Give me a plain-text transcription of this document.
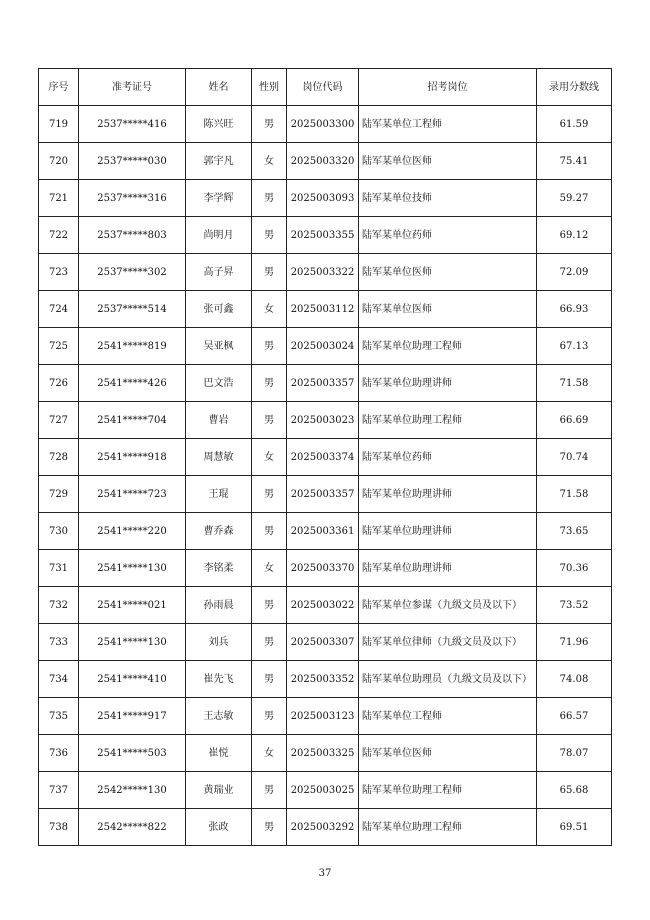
序号	准考证号	姓名	性别	岗位代码	招考岗位	录用分数线
719	2537*****416	陈兴旺	男	2025003300	陆军某单位工程师	61.59
720	2537*****030	郭宇凡	女	2025003320	陆军某单位医师	75.41
721	2537*****316	李学辉	男	2025003093	陆军某单位技师	59.27
722	2537*****803	尚明月	男	2025003355	陆军某单位药师	69.12
723	2537*****302	高子昇	男	2025003322	陆军某单位医师	72.09
724	2537*****514	张可鑫	女	2025003112	陆军某单位医师	66.93
725	2541*****819	吴亚枫	男	2025003024	陆军某单位助理工程师	67.13
726	2541*****426	巴文浩	男	2025003357	陆军某单位助理讲师	71.58
727	2541*****704	曹岩	男	2025003023	陆军某单位助理工程师	66.69
728	2541*****918	周慧敏	女	2025003374	陆军某单位药师	70.74
729	2541*****723	王琨	男	2025003357	陆军某单位助理讲师	71.58
730	2541*****220	曹乔森	男	2025003361	陆军某单位助理讲师	73.65
731	2541*****130	李铭柔	女	2025003370	陆军某单位助理讲师	70.36
732	2541*****021	孙雨晨	男	2025003022	陆军某单位参谋（九级文员及以下）	73.52
733	2541*****130	刘兵	男	2025003307	陆军某单位律师（九级文员及以下）	71.96
734	2541*****410	崔先飞	男	2025003352	陆军某单位助理员（九级文员及以下）	74.08
735	2541*****917	王志敏	男	2025003123	陆军某单位工程师	66.57
736	2541*****503	崔悦	女	2025003325	陆军某单位医师	78.07
737	2542*****130	黄瑞业	男	2025003025	陆军某单位助理工程师	65.68
738	2542*****822	张政	男	2025003292	陆军某单位助理工程师	69.51
37
